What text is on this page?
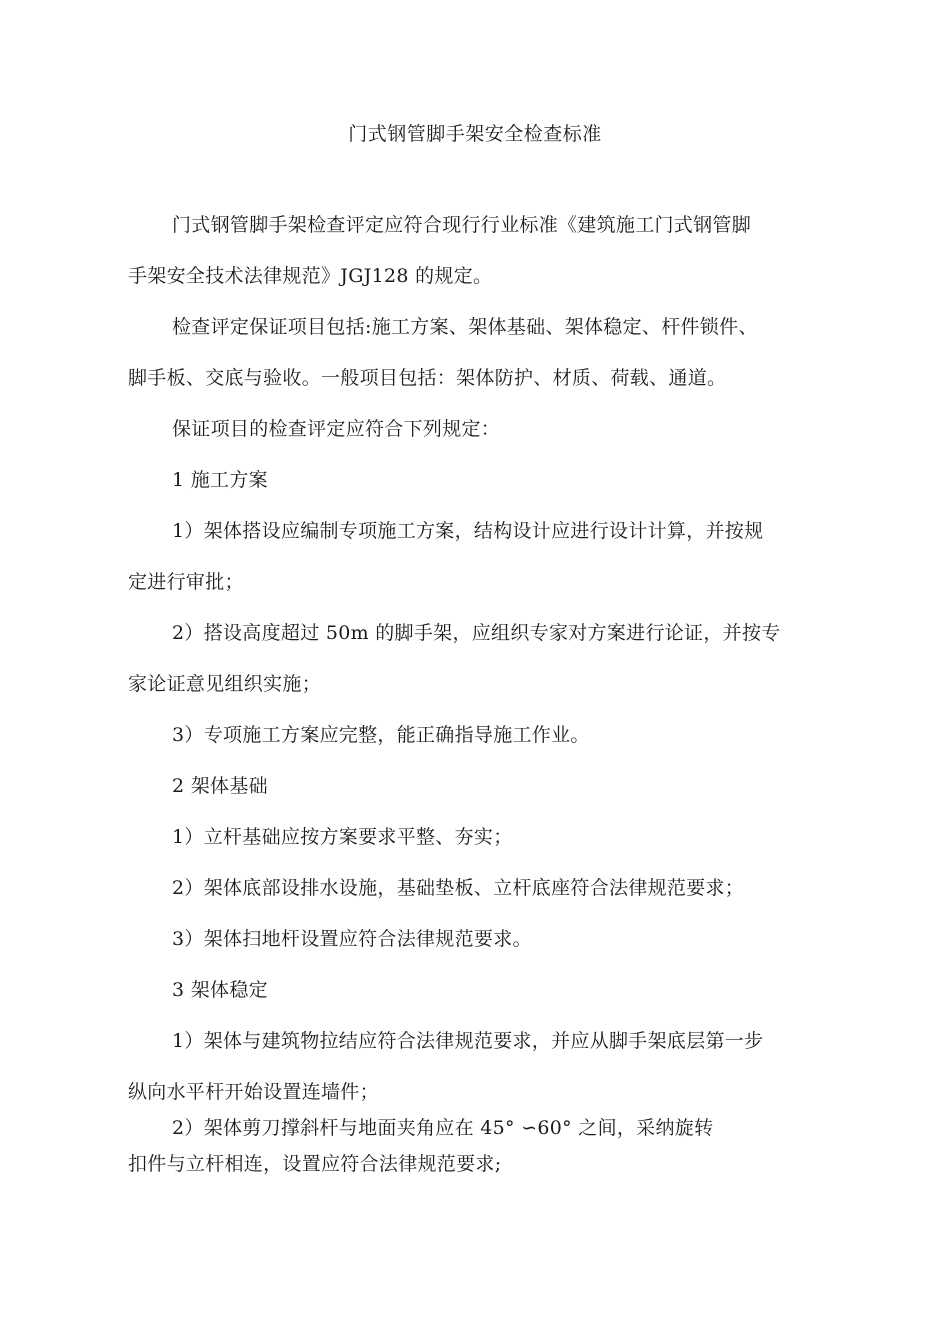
门式钢管脚手架安全检查标准
门式钢管脚手架检查评定应符合现行行业标准《建筑施工门式钢管脚
手架安全技术法律规范》JGJ128 的规定。
检查评定保证项目包括:施工方案、架体基础、架体稳定、杆件锁件、
脚手板、交底与验收。一般项目包括：架体防护、材质、荷载、通道。
保证项目的检查评定应符合下列规定：
1 施工方案
1）架体搭设应编制专项施工方案，结构设计应进行设计计算，并按规
定进行审批；
2）搭设高度超过 50m 的脚手架，应组织专家对方案进行论证，并按专
家论证意见组织实施；
3）专项施工方案应完整，能正确指导施工作业。
2 架体基础
1）立杆基础应按方案要求平整、夯实；
2）架体底部设排水设施，基础垫板、立杆底座符合法律规范要求；
3）架体扫地杆设置应符合法律规范要求。
3 架体稳定
1）架体与建筑物拉结应符合法律规范要求，并应从脚手架底层第一步
纵向水平杆开始设置连墙件；
2）架体剪刀撑斜杆与地面夹角应在 45° ∽60° 之间，采纳旋转
扣件与立杆相连，设置应符合法律规范要求;
